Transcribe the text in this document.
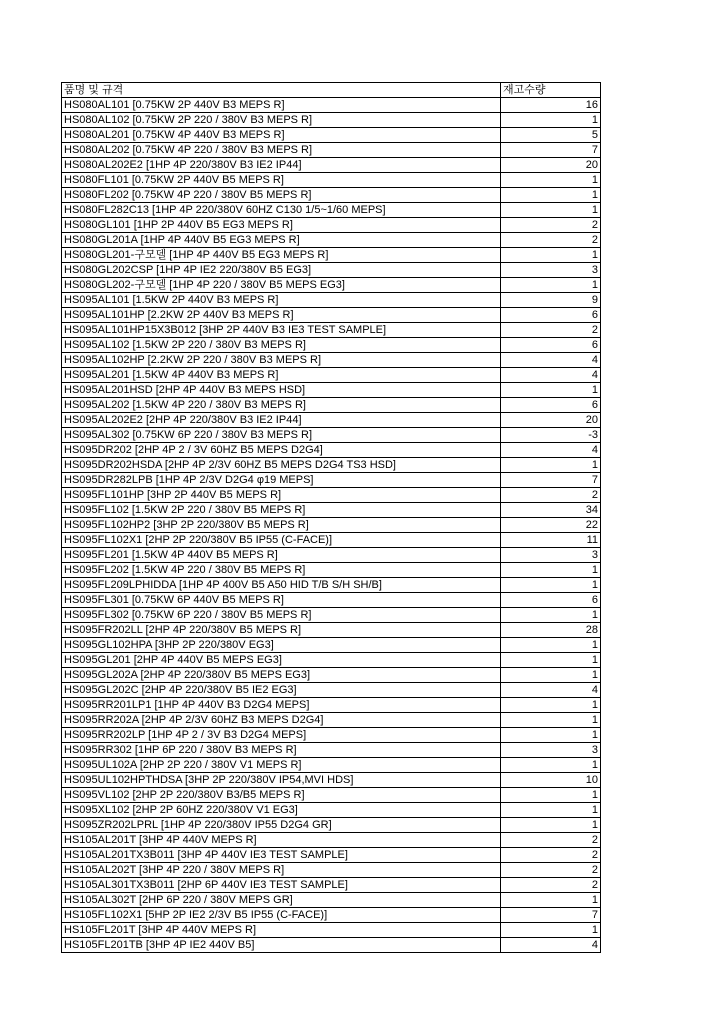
품명 및 규격	재고수량
HS080AL101 [0.75KW 2P 440V B3 MEPS R]	16
HS080AL102 [0.75KW 2P 220 / 380V B3 MEPS R]	1
HS080AL201 [0.75KW 4P 440V B3 MEPS R]	5
HS080AL202 [0.75KW 4P 220 / 380V B3 MEPS R]	7
HS080AL202E2 [1HP 4P 220/380V B3 IE2 IP44]	20
HS080FL101 [0.75KW 2P 440V B5 MEPS R]	1
HS080FL202 [0.75KW 4P 220 / 380V B5 MEPS R]	1
HS080FL282C13 [1HP 4P 220/380V 60HZ C130 1/5~1/60 MEPS]	1
HS080GL101 [1HP 2P 440V B5 EG3 MEPS R]	2
HS080GL201A [1HP 4P 440V B5 EG3 MEPS R]	2
HS080GL201-구모델 [1HP 4P 440V B5 EG3 MEPS R]	1
HS080GL202CSP [1HP 4P IE2 220/380V B5 EG3]	3
HS080GL202-구모델 [1HP 4P 220 / 380V B5 MEPS EG3]	1
HS095AL101 [1.5KW 2P 440V B3 MEPS R]	9
HS095AL101HP [2.2KW 2P 440V B3 MEPS R]	6
HS095AL101HP15X3B012 [3HP 2P 440V B3 IE3 TEST SAMPLE]	2
HS095AL102 [1.5KW 2P 220 / 380V B3 MEPS R]	6
HS095AL102HP [2.2KW 2P 220 / 380V B3 MEPS R]	4
HS095AL201 [1.5KW 4P 440V B3 MEPS R]	4
HS095AL201HSD [2HP 4P 440V B3 MEPS HSD]	1
HS095AL202 [1.5KW 4P 220 / 380V B3 MEPS R]	6
HS095AL202E2 [2HP 4P 220/380V B3 IE2 IP44]	20
HS095AL302 [0.75KW 6P 220 / 380V B3 MEPS R]	-3
HS095DR202 [2HP 4P 2 / 3V 60HZ B5 MEPS D2G4]	4
HS095DR202HSDA [2HP 4P 2/3V 60HZ B5 MEPS D2G4 TS3 HSD]	1
HS095DR282LPB [1HP 4P 2/3V D2G4 φ19 MEPS]	7
HS095FL101HP [3HP 2P 440V B5 MEPS R]	2
HS095FL102 [1.5KW 2P 220 / 380V B5 MEPS R]	34
HS095FL102HP2 [3HP 2P 220/380V B5 MEPS R]	22
HS095FL102X1 [2HP 2P 220/380V B5 IP55 (C-FACE)]	11
HS095FL201 [1.5KW 4P 440V B5 MEPS R]	3
HS095FL202 [1.5KW 4P 220 / 380V B5 MEPS R]	1
HS095FL209LPHIDDA [1HP 4P 400V B5 A50 HID T/B S/H SH/B]	1
HS095FL301 [0.75KW 6P 440V B5 MEPS R]	6
HS095FL302 [0.75KW 6P 220 / 380V B5 MEPS R]	1
HS095FR202LL [2HP 4P 220/380V B5 MEPS R]	28
HS095GL102HPA [3HP 2P 220/380V EG3]	1
HS095GL201 [2HP 4P 440V B5 MEPS EG3]	1
HS095GL202A [2HP 4P 220/380V B5 MEPS EG3]	1
HS095GL202C [2HP 4P 220/380V B5 IE2 EG3]	4
HS095RR201LP1 [1HP 4P 440V B3 D2G4 MEPS]	1
HS095RR202A [2HP 4P 2/3V 60HZ B3 MEPS D2G4]	1
HS095RR202LP [1HP 4P 2 / 3V B3 D2G4 MEPS]	1
HS095RR302 [1HP 6P 220 / 380V B3 MEPS R]	3
HS095UL102A [2HP 2P 220 / 380V V1 MEPS R]	1
HS095UL102HPTHDSA [3HP 2P 220/380V IP54,MVI HDS]	10
HS095VL102 [2HP 2P 220/380V B3/B5 MEPS R]	1
HS095XL102 [2HP 2P 60HZ 220/380V V1 EG3]	1
HS095ZR202LPRL [1HP 4P 220/380V IP55 D2G4 GR]	1
HS105AL201T [3HP 4P 440V MEPS R]	2
HS105AL201TX3B011 [3HP 4P 440V IE3 TEST SAMPLE]	2
HS105AL202T [3HP 4P 220 / 380V MEPS R]	2
HS105AL301TX3B011 [2HP 6P 440V IE3 TEST SAMPLE]	2
HS105AL302T [2HP 6P 220 / 380V MEPS GR]	1
HS105FL102X1 [5HP 2P IE2 2/3V B5 IP55 (C-FACE)]	7
HS105FL201T [3HP 4P 440V MEPS R]	1
HS105FL201TB [3HP 4P IE2 440V B5]	4
